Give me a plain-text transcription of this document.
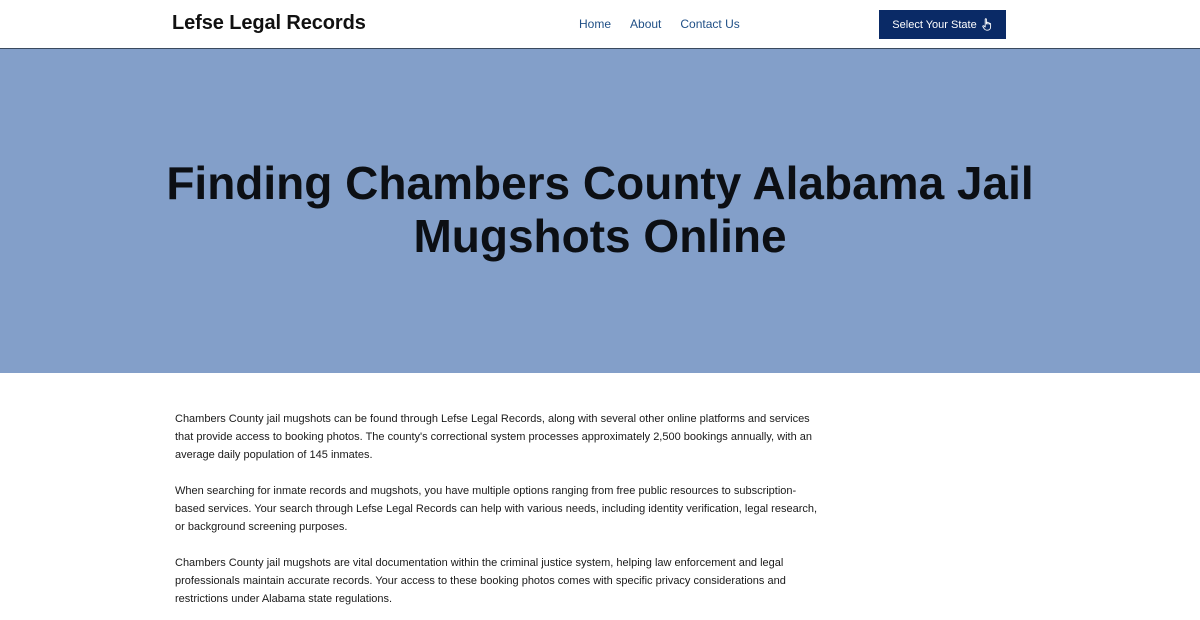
Lefse Legal Records	Home About Contact Us	Select Your State
Finding Chambers County Alabama Jail
Mugshots Online

Chambers County jail mugshots can be found through Lefse Legal Records, along with several other online platforms and services that provide access to booking photos. The county's correctional system processes approximately 2,500 bookings annually, with an average daily population of 145 inmates.

When searching for inmate records and mugshots, you have multiple options ranging from free public resources to subscription-based services. Your search through Lefse Legal Records can help with various needs, including identity verification, legal research, or background screening purposes.

Chambers County jail mugshots are vital documentation within the criminal justice system, helping law enforcement and legal professionals maintain accurate records. Your access to these booking photos comes with specific privacy considerations and restrictions under Alabama state regulations.
